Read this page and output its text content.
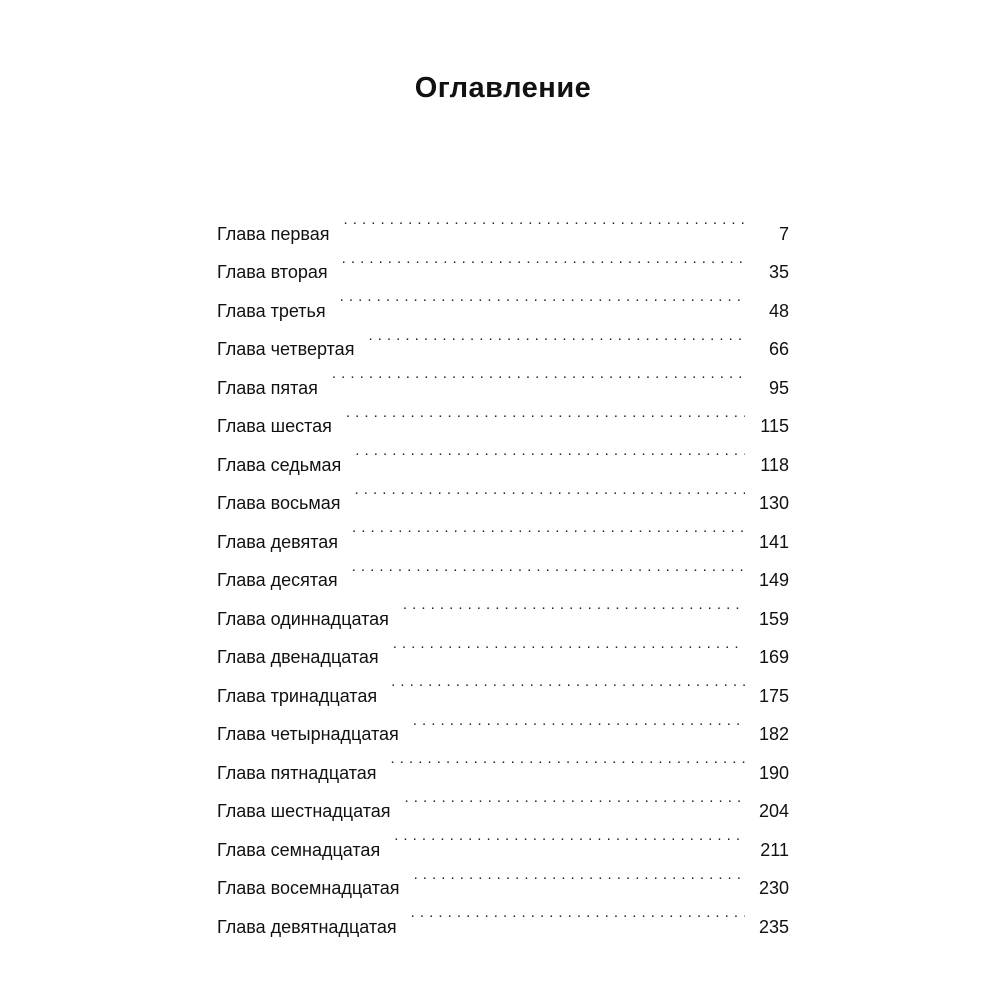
Оглавление
Глава первая . . .	7
Глава вторая . . .	35
Глава третья . . .	48
Глава четвертая . . .	66
Глава пятая . . .	95
Глава шестая . . .	115
Глава седьмая . . .	118
Глава восьмая . . .	130
Глава девятая . . .	141
Глава десятая . . .	149
Глава одиннадцатая . . .	159
Глава двенадцатая . . .	169
Глава тринадцатая . . .	175
Глава четырнадцатая . . .	182
Глава пятнадцатая . . .	190
Глава шестнадцатая . . .	204
Глава семнадцатая . . .	211
Глава восемнадцатая . . .	230
Глава девятнадцатая . . .	235
